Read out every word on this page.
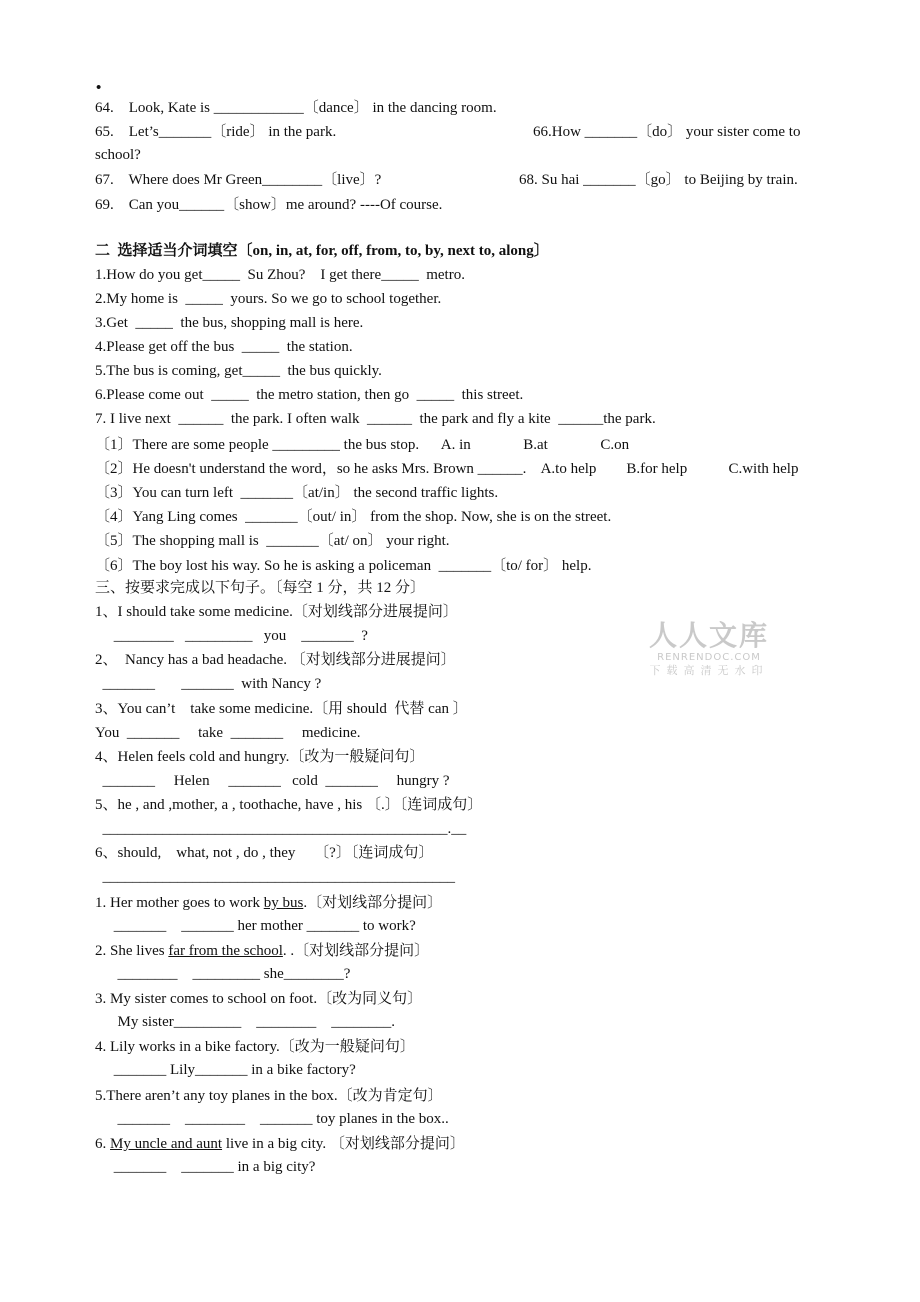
•
64.    Look, Kate is ____________〔dance〕 in the dancing room.
65.    Let’s_______〔ride〕 in the park.	66.How _______〔do〕 your sister come to
school?
67.    Where does Mr Green________〔live〕?	68. Su hai _______〔go〕 to Beijing by train.
69.    Can you______〔show〕me around? ----Of course.
二  选择适当介词填空〔on, in, at, for, off, from, to, by, next to, along〕
1.How do you get_____  Su Zhou?    I get there_____  metro.
2.My home is  _____  yours. So we go to school together.
3.Get  _____  the bus, shopping mall is here.
4.Please get off the bus  _____  the station.
5.The bus is coming, get_____  the bus quickly.
6.Please come out  _____  the metro station, then go  _____  this street.
7. I live next  ______  the park. I often walk  ______  the park and fly a kite  ______the park.
〔1〕There are some people _________ the bus stop.      A. in              B.at              C.on
〔2〕He doesn't understand the word，so he asks Mrs. Brown ______.    A.to help        B.for help           C.with help
〔3〕You can turn left  _______〔at/in〕 the second traffic lights.
〔4〕Yang Ling comes  _______〔out/ in〕 from the shop. Now, she is on the street.
〔5〕The shopping mall is  _______〔at/ on〕 your right.
〔6〕The boy lost his way. So he is asking a policeman  _______〔to/ for〕 help.
三、按要求完成以下句子。〔每空 1 分，共 12 分〕
1、I should take some medicine.〔对划线部分进展提问〕
________   _________   you    _______  ?
2、  Nancy has a bad headache. 〔对划线部分进展提问〕
_______       _______  with Nancy ?
3、You can’t    take some medicine.〔用 should  代替 can 〕
You  _______     take  _______     medicine.
4、Helen feels cold and hungry.〔改为一般疑问句〕
_______     Helen     _______   cold  _______     hungry ?
5、he , and ,mother, a , toothache, have , his 〔.〕〔连词成句〕
______________________________________________.__
6、should,    what, not , do , they     〔?〕〔连词成句〕
_______________________________________________
1. Her mother goes to work by bus.〔对划线部分提问〕
_______    _______ her mother _______ to work?
2. She lives far from the school. .〔对划线部分提问〕
________    _________ she________?
3. My sister comes to school on foot.〔改为同义句〕
My sister_________    ________    ________.
4. Lily works in a bike factory.〔改为一般疑问句〕
_______ Lily_______ in a bike factory?
5.There aren’t any toy planes in the box.〔改为肯定句〕
_______    ________    _______ toy planes in the box..
6. My uncle and aunt live in a big city. 〔对划线部分提问〕
_______    _______ in a big city?
人人文库
RENRENDOC.COM
下载高清无水印
